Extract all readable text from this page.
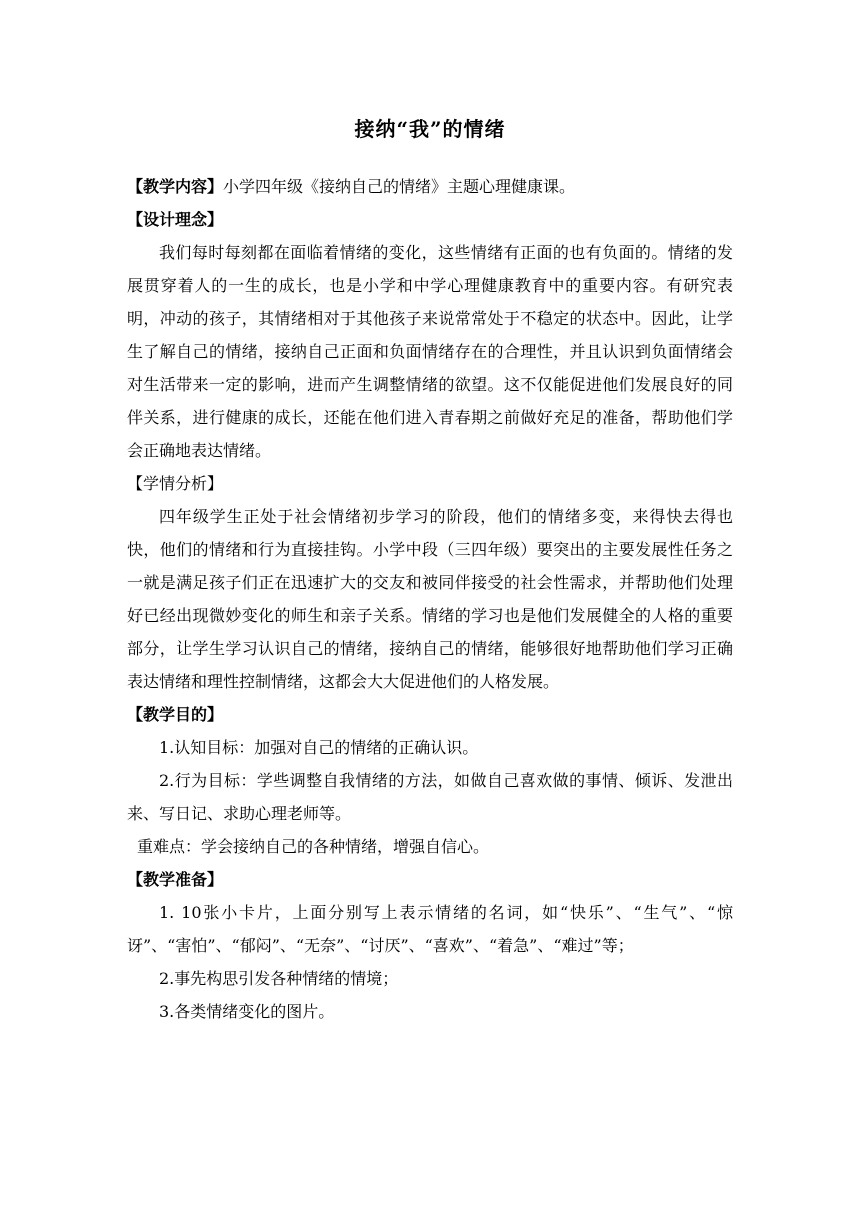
接纳“我”的情绪

【教学内容】小学四年级《接纳自己的情绪》主题心理健康课。

【设计理念】

我们每时每刻都在面临着情绪的变化，这些情绪有正面的也有负面的。情绪的发展贯穿着人的一生的成长，也是小学和中学心理健康教育中的重要内容。有研究表明，冲动的孩子，其情绪相对于其他孩子来说常常处于不稳定的状态中。因此，让学生了解自己的情绪，接纳自己正面和负面情绪存在的合理性，并且认识到负面情绪会对生活带来一定的影响，进而产生调整情绪的欲望。这不仅能促进他们发展良好的同伴关系，进行健康的成长，还能在他们进入青春期之前做好充足的准备，帮助他们学会正确地表达情绪。

【学情分析】

四年级学生正处于社会情绪初步学习的阶段，他们的情绪多变，来得快去得也快，他们的情绪和行为直接挂钩。小学中段（三四年级）要突出的主要发展性任务之一就是满足孩子们正在迅速扩大的交友和被同伴接受的社会性需求，并帮助他们处理好已经出现微妙变化的师生和亲子关系。情绪的学习也是他们发展健全的人格的重要部分，让学生学习认识自己的情绪，接纳自己的情绪，能够很好地帮助他们学习正确表达情绪和理性控制情绪，这都会大大促进他们的人格发展。

【教学目的】

1.认知目标：加强对自己的情绪的正确认识。

2.行为目标：学些调整自我情绪的方法，如做自己喜欢做的事情、倾诉、发泄出来、写日记、求助心理老师等。

重难点：学会接纳自己的各种情绪，增强自信心。

【教学准备】

1. 10张小卡片，上面分别写上表示情绪的名词，如“快乐”、“生气”、“惊讶”、“害怕”、“郁闷”、“无奈”、“讨厌”、“喜欢”、“着急”、“难过”等；

2.事先构思引发各种情绪的情境；

3.各类情绪变化的图片。
